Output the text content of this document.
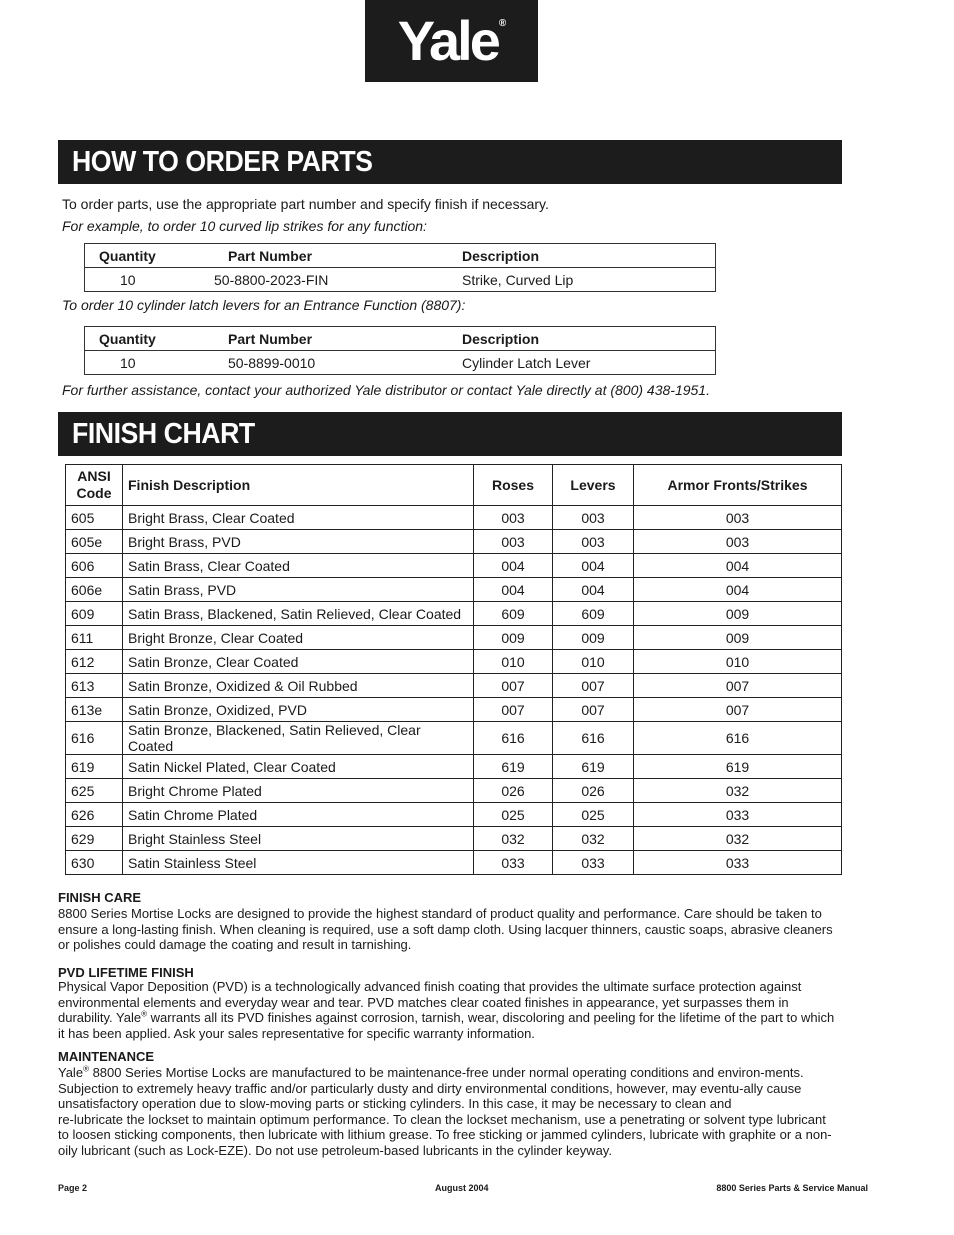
Yale ®
HOW TO ORDER PARTS

To order parts, use the appropriate part number and specify finish if necessary.

For example, to order 10 curved lip strikes for any function:

Quantity	Part Number	Description
10	50-8800-2023-FIN	Strike, Curved Lip

To order 10 cylinder latch levers for an Entrance Function (8807):

Quantity	Part Number	Description
10	50-8899-0010	Cylinder Latch Lever

For further assistance, contact your authorized Yale distributor or contact Yale directly at (800) 438-1951.

FINISH CHART
ANSI
Code	Finish Description	Roses	Levers	Armor Fronts/Strikes
605	Bright Brass, Clear Coated	003	003	003
605e	Bright Brass, PVD	003	003	003
606	Satin Brass, Clear Coated	004	004	004
606e	Satin Brass, PVD	004	004	004
609	Satin Brass, Blackened, Satin Relieved, Clear Coated	609	609	009
611	Bright Bronze, Clear Coated	009	009	009
612	Satin Bronze, Clear Coated	010	010	010
613	Satin Bronze, Oxidized & Oil Rubbed	007	007	007
613e	Satin Bronze, Oxidized, PVD	007	007	007
616	Satin Bronze, Blackened, Satin Relieved, Clear Coated	616	616	616
619	Satin Nickel Plated, Clear Coated	619	619	619
625	Bright Chrome Plated	026	026	032
626	Satin Chrome Plated	025	025	033
629	Bright Stainless Steel	032	032	032
630	Satin Stainless Steel	033	033	033

FINISH CARE

8800 Series Mortise Locks are designed to provide the highest standard of product quality and performance. Care should be taken to ensure a long-lasting finish. When cleaning is required, use a soft damp cloth. Using lacquer thinners, caustic soaps, abrasive cleaners or polishes could damage the coating and result in tarnishing.

PVD LIFETIME FINISH

Physical Vapor Deposition (PVD) is a technologically advanced finish coating that provides the ultimate surface protection against environmental elements and everyday wear and tear. PVD matches clear coated finishes in appearance, yet surpasses them in durability. Yale® warrants all its PVD finishes against corrosion, tarnish, wear, discoloring and peeling for the lifetime of the part to which it has been applied. Ask your sales representative for specific warranty information.

MAINTENANCE

Yale® 8800 Series Mortise Locks are manufactured to be maintenance-free under normal operating conditions and environ-ments. Subjection to extremely heavy traffic and/or particularly dusty and dirty environmental conditions, however, may eventu-ally cause unsatisfactory operation due to slow-moving parts or sticking cylinders. In this case, it may be necessary to clean and
re-lubricate the lockset to maintain optimum performance. To clean the lockset mechanism, use a penetrating or solvent type lubricant to loosen sticking components, then lubricate with lithium grease. To free sticking or jammed cylinders, lubricate with graphite or a non-oily lubricant (such as Lock-EZE). Do not use petroleum-based lubricants in the cylinder keyway.

Page 2	August 2004	8800 Series Parts & Service Manual
